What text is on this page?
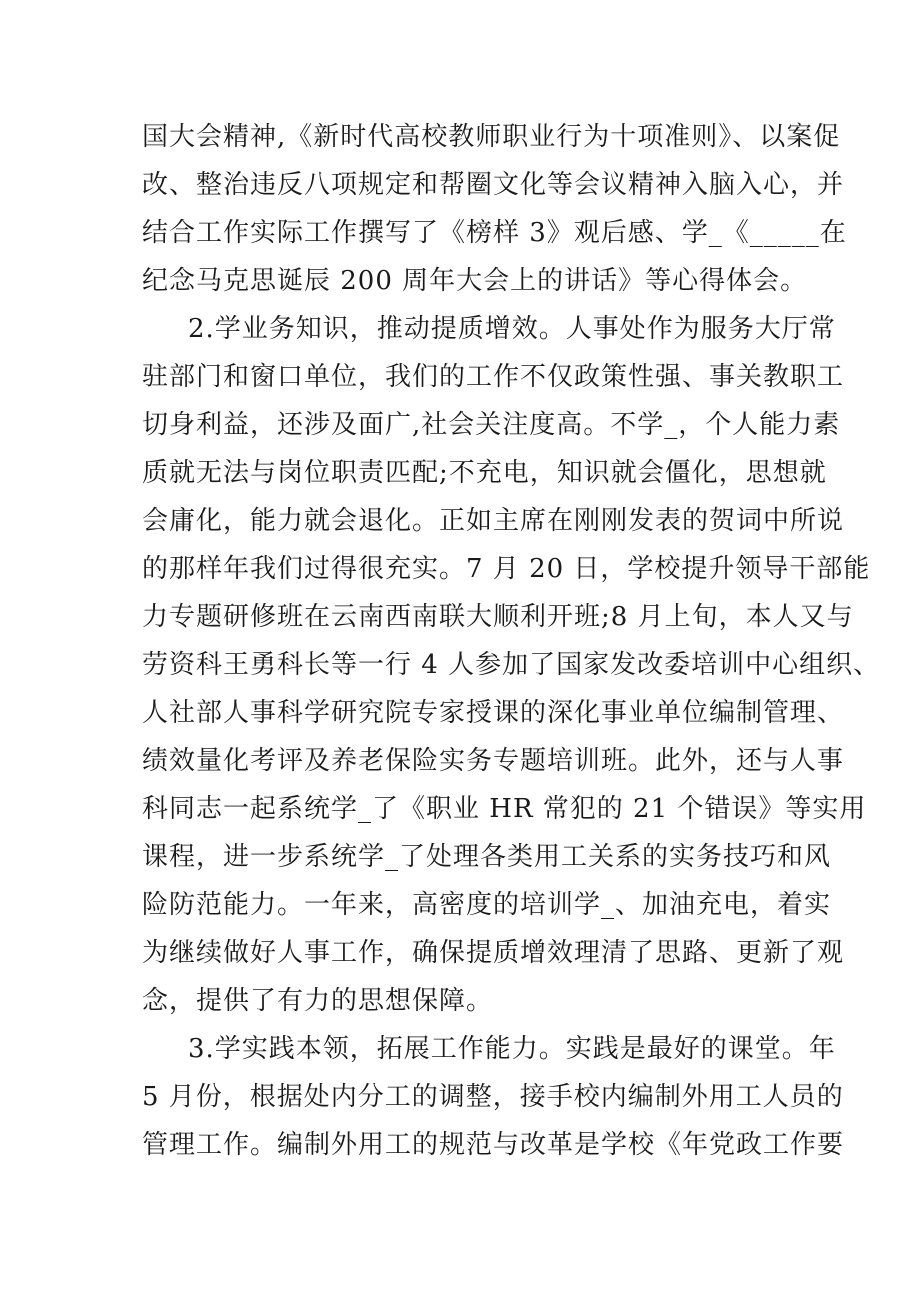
国大会精神,《新时代高校教师职业行为十项准则》、以案促
改、整治违反八项规定和帮圈文化等会议精神入脑入心，并
结合工作实际工作撰写了《榜样 3》观后感、学_《_____在
纪念马克思诞辰 200 周年大会上的讲话》等心得体会。
2.学业务知识，推动提质增效。人事处作为服务大厅常
驻部门和窗口单位，我们的工作不仅政策性强、事关教职工
切身利益，还涉及面广,社会关注度高。不学_，个人能力素
质就无法与岗位职责匹配;不充电，知识就会僵化，思想就
会庸化，能力就会退化。正如主席在刚刚发表的贺词中所说
的那样年我们过得很充实。7 月 20 日，学校提升领导干部能
力专题研修班在云南西南联大顺利开班;8 月上旬，本人又与
劳资科王勇科长等一行 4 人参加了国家发改委培训中心组织、
人社部人事科学研究院专家授课的深化事业单位编制管理、
绩效量化考评及养老保险实务专题培训班。此外，还与人事
科同志一起系统学_了《职业 HR 常犯的 21 个错误》等实用
课程，进一步系统学_了处理各类用工关系的实务技巧和风
险防范能力。一年来，高密度的培训学_、加油充电，着实
为继续做好人事工作，确保提质增效理清了思路、更新了观
念，提供了有力的思想保障。
3.学实践本领，拓展工作能力。实践是最好的课堂。年
5 月份，根据处内分工的调整，接手校内编制外用工人员的
管理工作。编制外用工的规范与改革是学校《年党政工作要
